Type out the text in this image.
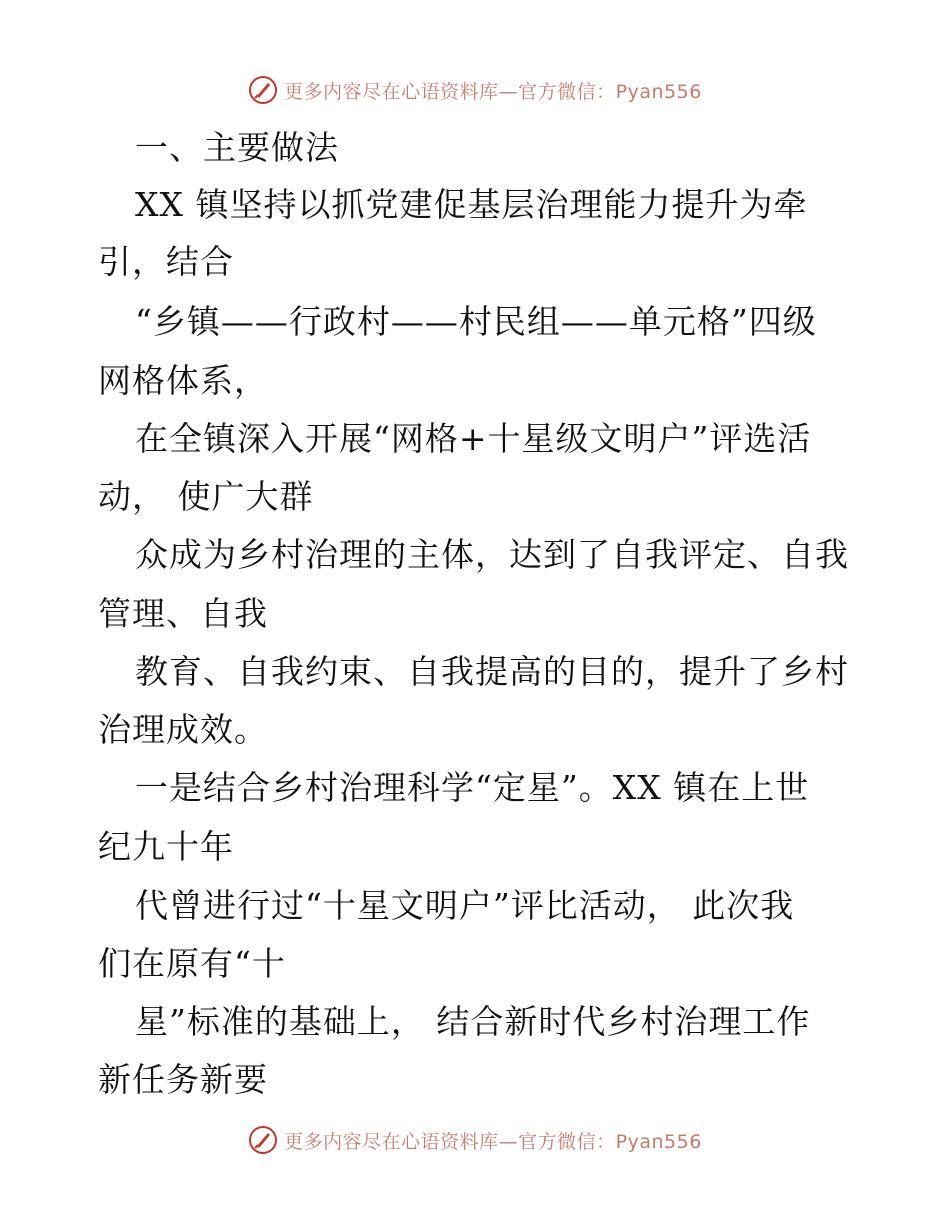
更多内容尽在心语资料库—官方微信：Pyan556
一、主要做法
XX 镇坚持以抓党建促基层治理能力提升为牵
引，结合
“乡镇——行政村——村民组——单元格”四级
网格体系，
在全镇深入开展“网格+十星级文明户”评选活
动， 使广大群
众成为乡村治理的主体，达到了自我评定、自我
管理、自我
教育、自我约束、自我提高的目的，提升了乡村
治理成效。
一是结合乡村治理科学“定星”。XX 镇在上世
纪九十年
代曾进行过“十星文明户”评比活动， 此次我
们在原有“十
星”标准的基础上， 结合新时代乡村治理工作
新任务新要
更多内容尽在心语资料库—官方微信：Pyan556
